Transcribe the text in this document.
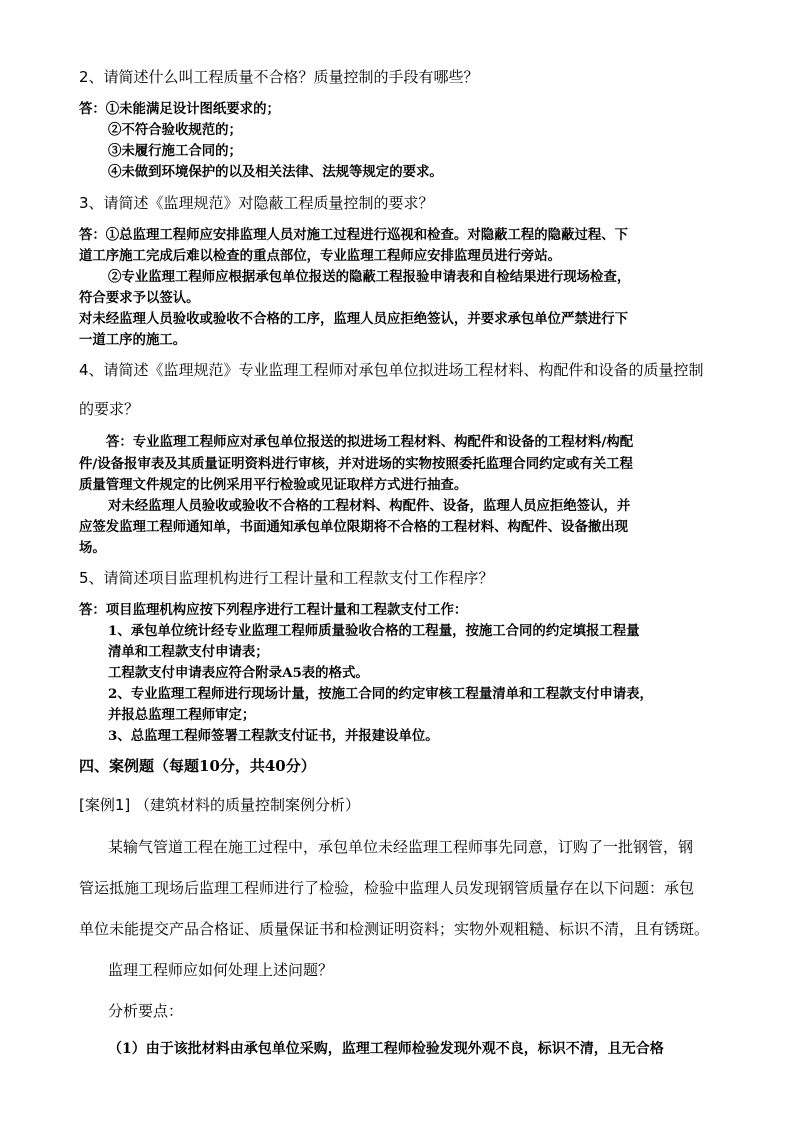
2、请简述什么叫工程质量不合格？质量控制的手段有哪些？
答：①未能满足设计图纸要求的；
②不符合验收规范的；
③未履行施工合同的；
④未做到环境保护的以及相关法律、法规等规定的要求。
3、请简述《监理规范》对隐蔽工程质量控制的要求？
答：①总监理工程师应安排监理人员对施工过程进行巡视和检查。对隐蔽工程的隐蔽过程、下
道工序施工完成后难以检查的重点部位，专业监理工程师应安排监理员进行旁站。
②专业监理工程师应根据承包单位报送的隐蔽工程报验申请表和自检结果进行现场检查，
符合要求予以签认。
对未经监理人员验收或验收不合格的工序，监理人员应拒绝签认，并要求承包单位严禁进行下
一道工序的施工。
4、请简述《监理规范》专业监理工程师对承包单位拟进场工程材料、构配件和设备的质量控制
的要求？
答：专业监理工程师应对承包单位报送的拟进场工程材料、构配件和设备的工程材料/构配
件/设备报审表及其质量证明资料进行审核，并对进场的实物按照委托监理合同约定或有关工程
质量管理文件规定的比例采用平行检验或见证取样方式进行抽查。
对未经监理人员验收或验收不合格的工程材料、构配件、设备，监理人员应拒绝签认，并
应签发监理工程师通知单，书面通知承包单位限期将不合格的工程材料、构配件、设备撤出现
场。
5、请简述项目监理机构进行工程计量和工程款支付工作程序？
答：项目监理机构应按下列程序进行工程计量和工程款支付工作：
1、承包单位统计经专业监理工程师质量验收合格的工程量，按施工合同的约定填报工程量
清单和工程款支付申请表；
工程款支付申请表应符合附录A5表的格式。
2、专业监理工程师进行现场计量，按施工合同的约定审核工程量清单和工程款支付申请表，
并报总监理工程师审定；
3、总监理工程师签署工程款支付证书，并报建设单位。
四、案例题（每题10分，共40分）
[案例1] （建筑材料的质量控制案例分析）
某输气管道工程在施工过程中，承包单位未经监理工程师事先同意，订购了一批钢管，钢
管运抵施工现场后监理工程师进行了检验，检验中监理人员发现钢管质量存在以下问题：承包
单位未能提交产品合格证、质量保证书和检测证明资料；实物外观粗糙、标识不清，且有锈斑。
监理工程师应如何处理上述问题？
分析要点：
（1）由于该批材料由承包单位采购，监理工程师检验发现外观不良，标识不清，且无合格
